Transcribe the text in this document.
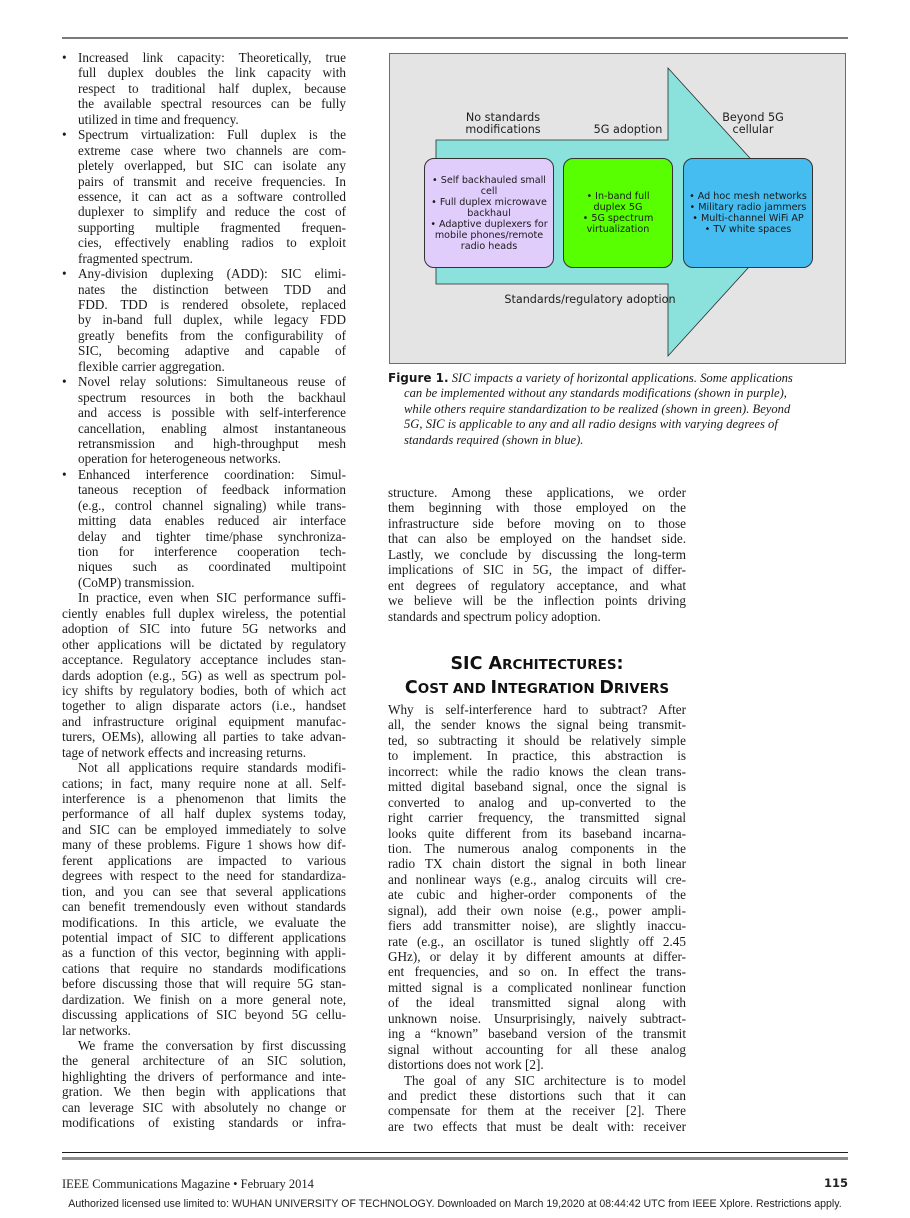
• Increased link capacity: Theoretically, true
full duplex doubles the link capacity with
respect to traditional half duplex, because
the available spectral resources can be fully
utilized in time and frequency.
• Spectrum virtualization: Full duplex is the
extreme case where two channels are com-
pletely overlapped, but SIC can isolate any
pairs of transmit and receive frequencies. In
essence, it can act as a software controlled
duplexer to simplify and reduce the cost of
supporting multiple fragmented frequen-
cies, effectively enabling radios to exploit
fragmented spectrum.
• Any-division duplexing (ADD): SIC elimi-
nates the distinction between TDD and
FDD. TDD is rendered obsolete, replaced
by in-band full duplex, while legacy FDD
greatly benefits from the configurability of
SIC, becoming adaptive and capable of
flexible carrier aggregation.
• Novel relay solutions: Simultaneous reuse of
spectrum resources in both the backhaul
and access is possible with self-interference
cancellation, enabling almost instantaneous
retransmission and high-throughput mesh
operation for heterogeneous networks.
• Enhanced interference coordination: Simul-
taneous reception of feedback information
(e.g., control channel signaling) while trans-
mitting data enables reduced air interface
delay and tighter time/phase synchroniza-
tion for interference cooperation tech-
niques such as coordinated multipoint
(CoMP) transmission.
In practice, even when SIC performance suffi-
ciently enables full duplex wireless, the potential
adoption of SIC into future 5G networks and
other applications will be dictated by regulatory
acceptance. Regulatory acceptance includes stan-
dards adoption (e.g., 5G) as well as spectrum pol-
icy shifts by regulatory bodies, both of which act
together to align disparate actors (i.e., handset
and infrastructure original equipment manufac-
turers, OEMs), allowing all parties to take advan-
tage of network effects and increasing returns.
Not all applications require standards modifi-
cations; in fact, many require none at all. Self-
interference is a phenomenon that limits the
performance of all half duplex systems today,
and SIC can be employed immediately to solve
many of these problems. Figure 1 shows how dif-
ferent applications are impacted to various
degrees with respect to the need for standardiza-
tion, and you can see that several applications
can benefit tremendously even without standards
modifications. In this article, we evaluate the
potential impact of SIC to different applications
as a function of this vector, beginning with appli-
cations that require no standards modifications
before discussing those that will require 5G stan-
dardization. We finish on a more general note,
discussing applications of SIC beyond 5G cellu-
lar networks.
We frame the conversation by first discussing
the general architecture of an SIC solution,
highlighting the drivers of performance and inte-
gration. We then begin with applications that
can leverage SIC with absolutely no change or
modifications of existing standards or infra-
No standards
modifications	5G adoption
Beyond 5G
cellular
Standards/regulatory adoption
• Self backhauled small
cell
• Full duplex microwave
backhaul
• Adaptive duplexers for
mobile phones/remote
radio heads
• In-band full
duplex 5G
• 5G spectrum
virtualization
• Ad hoc mesh networks
• Military radio jammers
• Multi-channel WiFi AP
• TV white spaces
Figure 1. SIC impacts a variety of horizontal applications. Some applications
can be implemented without any standards modifications (shown in purple),
while others require standardization to be realized (shown in green). Beyond
5G, SIC is applicable to any and all radio designs with varying degrees of
standards required (shown in blue).
structure. Among these applications, we order
them beginning with those employed on the
infrastructure side before moving on to those
that can also be employed on the handset side.
Lastly, we conclude by discussing the long-term
implications of SIC in 5G, the impact of differ-
ent degrees of regulatory acceptance, and what
we believe will be the inflection points driving
standards and spectrum policy adoption.
SIC ARCHITECTURES:
COST AND INTEGRATION DRIVERS
Why is self-interference hard to subtract? After
all, the sender knows the signal being transmit-
ted, so subtracting it should be relatively simple
to implement. In practice, this abstraction is
incorrect: while the radio knows the clean trans-
mitted digital baseband signal, once the signal is
converted to analog and up-converted to the
right carrier frequency, the transmitted signal
looks quite different from its baseband incarna-
tion. The numerous analog components in the
radio TX chain distort the signal in both linear
and nonlinear ways (e.g., analog circuits will cre-
ate cubic and higher-order components of the
signal), add their own noise (e.g., power ampli-
fiers add transmitter noise), are slightly inaccu-
rate (e.g., an oscillator is tuned slightly off 2.45
GHz), or delay it by different amounts at differ-
ent frequencies, and so on. In effect the trans-
mitted signal is a complicated nonlinear function
of the ideal transmitted signal along with
unknown noise. Unsurprisingly, naively subtract-
ing a “known” baseband version of the transmit
signal without accounting for all these analog
distortions does not work [2].
The goal of any SIC architecture is to model
and predict these distortions such that it can
compensate for them at the receiver [2]. There
are two effects that must be dealt with: receiver
IEEE Communications Magazine • February 2014	115
Authorized licensed use limited to: WUHAN UNIVERSITY OF TECHNOLOGY. Downloaded on March 19,2020 at 08:44:42 UTC from IEEE Xplore. Restrictions apply.
